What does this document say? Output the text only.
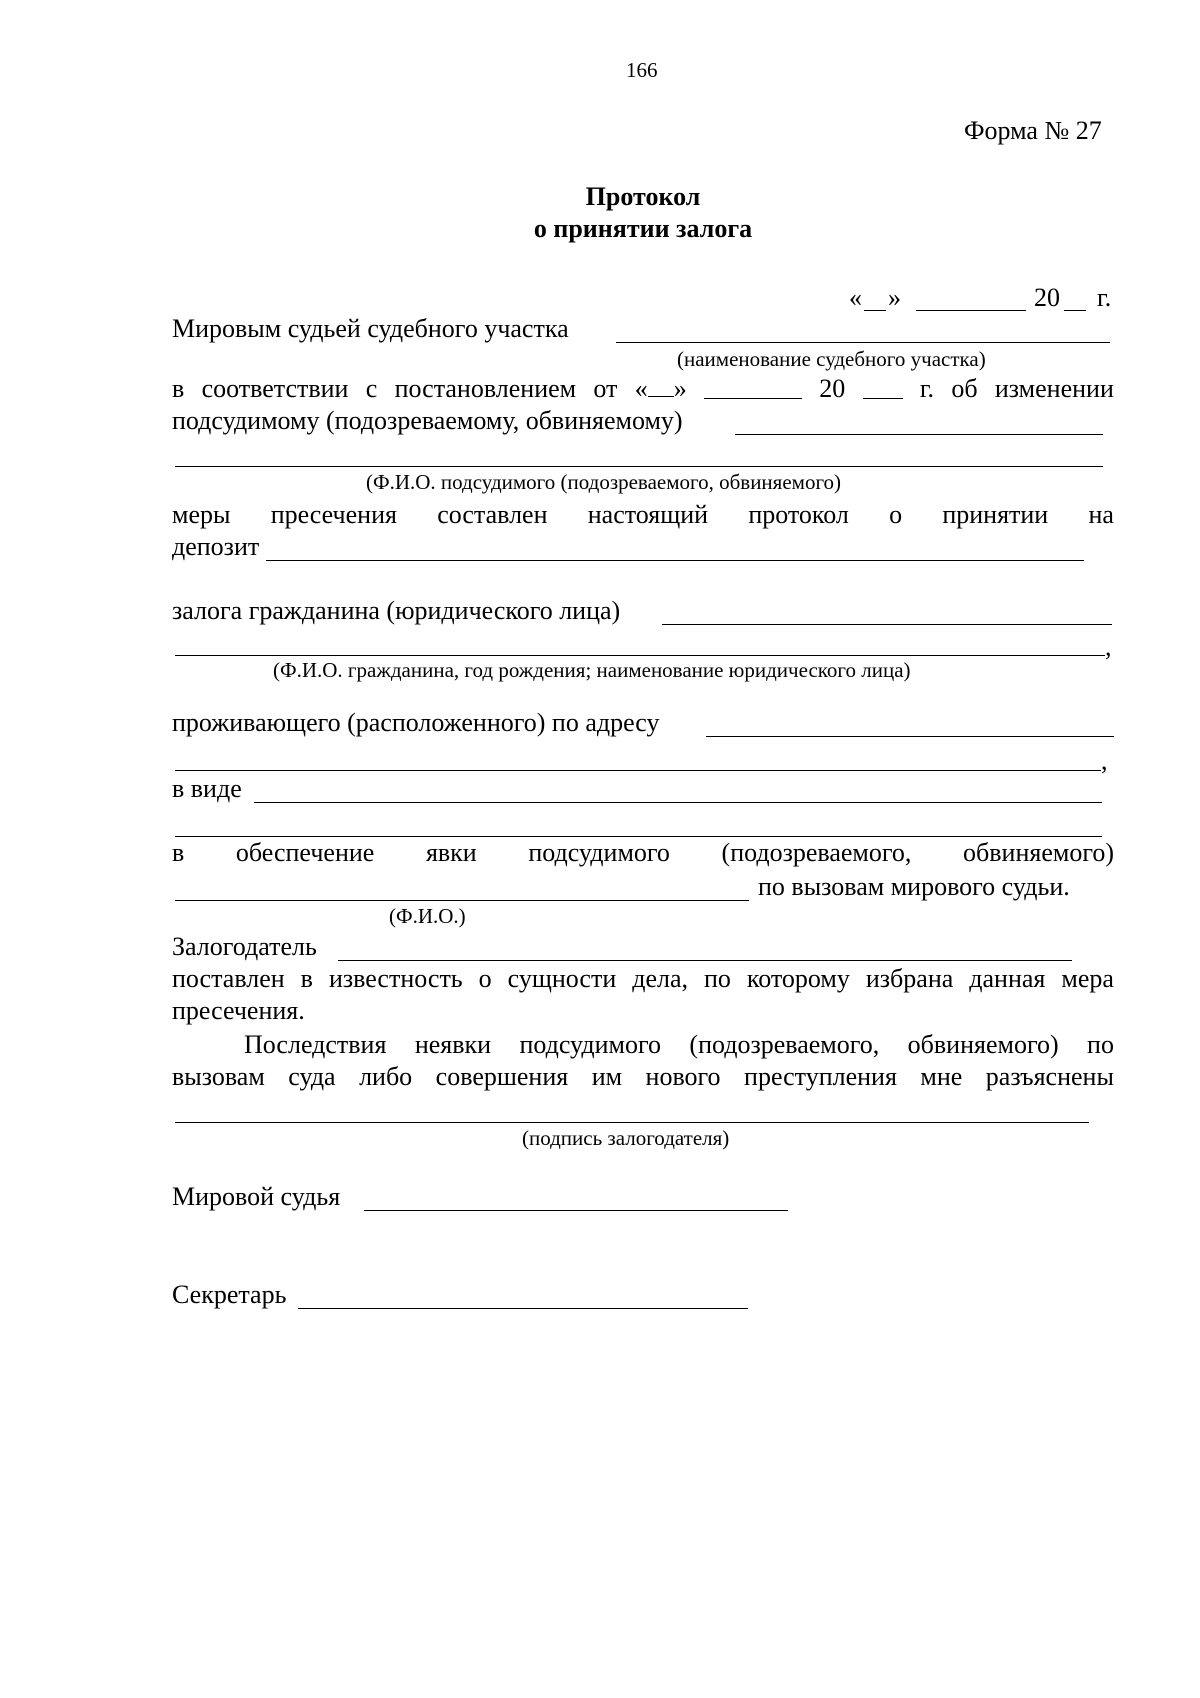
166
Форма № 27
Протокол
о принятии залога
« »	20 г.
Мировым судьей судебного участка
(наименование судебного участка)
в соответствии с постановлением от « »	20	г. об изменении
подсудимому (подозреваемому, обвиняемому)
(Ф.И.О. подсудимого (подозреваемого, обвиняемого)
меры пресечения составлен настоящий протокол о принятии на
депозит
залога гражданина (юридического лица)
,
(Ф.И.О. гражданина, год рождения; наименование юридического лица)
проживающего (расположенного) по адресу
,
в виде
в обеспечение явки подсудимого (подозреваемого, обвиняемого)
по вызовам мирового судьи.
(Ф.И.О.)
Залогодатель
поставлен в известность о сущности дела, по которому избрана данная мера
пресечения.
Последствия неявки подсудимого (подозреваемого, обвиняемого) по
вызовам суда либо совершения им нового преступления мне разъяснены
(подпись залогодателя)
Мировой судья
Секретарь
